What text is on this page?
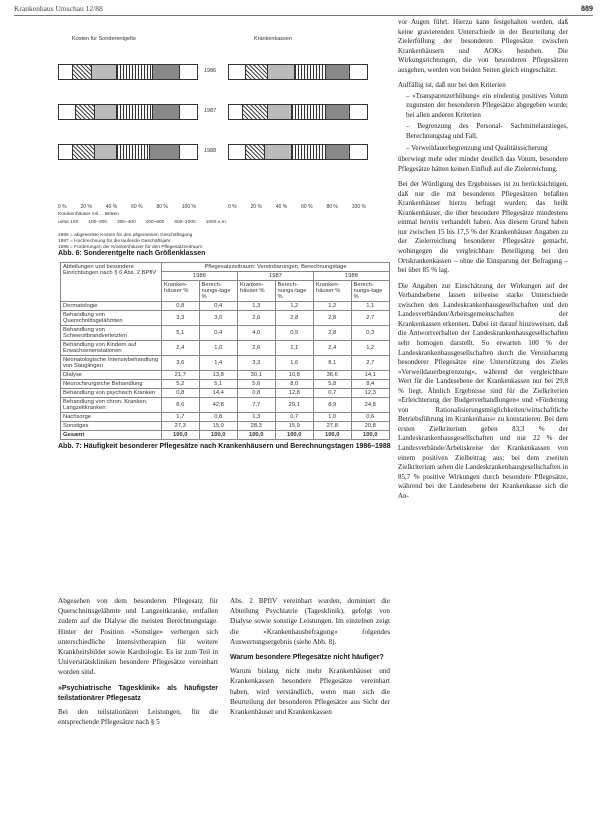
Krankenhaus Umschau 12/88	889
Kosten für Sonderentgelte	Krankenkassen
1986
1987
1988
0 %	20 %	40 %	60 %	80 %	100 %	0 %	20 %	40 %	60 %	80 %	100 %
Krankenhäuser mit ... Betten
unter 100 100–300 300–400 400–600 600–1000 1000 u.m.
1986 = abgesenkte Kosten für den allgemeinen Geschäftsgang
1987 = Hochrechnung für die laufende Geschäftsjahr
1988 = Forderungen der Krankenhäuser für den Pflegesatzzeitraum
Abteilungen und besondere Einrichtungen nach § 6 Abs. 2 BPflV	Pflegesatzzeitraum: Vereinbarungen, Berechnungstage					
	1986		1987		1988	
	Kranken-häuser %	Berech-nungs-tage %	Kranken-häuser %	Berech-nungs-tage %	Kranken-häuser %	Berech-nungs-tage %
Dermatologie	0,8	0,4	1,3	1,2	1,2	1,1
Behandlung von Querschnittsgelähmten	3,3	3,0	2,6	2,8	2,8	2,7
Behandlung von Schwerstbrandverletzten	5,1	0,4	4,0	0,5	2,8	0,3
Behandlung von Kindern auf Erwachsenenstationen	2,4	1,0	2,6	1,1	2,4	1,2
Neonatologische Intensivbehandlung von Säuglingen	3,6	1,4	3,3	1,6	8,1	2,7
Dialyse	21,7	13,8	30,1	10,8	36,6	14,1
Neurochirurgische Behandlung	5,2	5,1	5,6	8,0	5,8	8,4
Behandlung von psychisch Kranken	0,8	14,4	0,8	12,8	0,7	12,3
Behandlung von chron. Kranken, Langzeitkranken	8,6	42,8	7,7	29,1	8,9	24,8
Nachsorge	1,7	0,8	1,3	0,7	1,0	0,6
Sonstiges	27,3	15,0	28,3	15,9	27,8	20,8
Gesamt	100,0	100,0	100,0	100,0	100,0	100,0
Abb. 6: Sonderentgelte nach Größenklassen
Abb. 7: Häufigkeit besonderer Pflegesätze nach Krankenhäusern und Berechnungstagen 1986–1988

Abgesehen von dem besonderen Pflegesatz für Querschnittsgelähmte und Langzeitkranke, entfallen zudem auf die Dialyse die meisten Berechnungstage. Hinter der Position »Sonstige« verbergen sich unterschiedliche Intensivtherapien für weitere Krankheitsbilder sowie Kardiologie. Es ist zum Teil in Universitätskliniken besondere Pflegesätze vereinbart worden sind.

»Psychiatrische Tagesklinik« als häufigster teilstationärer Pflegesatz

Bei den teilstationären Leistungen, für die entsprechende Pflegesätze nach § 5

Abs. 2 BPflV vereinbart wurden, dominiert die Abteilung Psychiatrie (Tagesklinik), gefolgt von Dialyse sowie sonstige Leistungen. Im einzelnen zeigt die »Krankenhausbefragung« folgendes Auswertungsergebnis (siehe Abb. 8).

Warum besondere Pflegesätze nicht häufiger?

Warum bislang nicht mehr Krankenhäuser und Krankenkassen besondere Pflegesätze vereinbart haben, wird verständlich, wenn man sich die Beurteilung der besonderen Pflegesätze aus Sicht der Krankenhäuser und Krankenkassen

vor Augen führt. Hierzu kann festgehalten werden, daß keine gravierenden Unterschiede in der Beurteilung der Zielerfüllung der besonderen Pflegesätze zwischen Krankenhäusern und AOKs bestehen. Die Wirkungsrichtungen, die von besonderen Pflegesätzen ausgehen, werden von beiden Seiten gleich eingeschätzt.

Auffällig ist, daß nur bei den Kriterien

– »Transparenzerhöhung« ein eindeutig positives Votum zugunsten der besonderen Pflegesätze abgegeben wurde; bei allen anderen Kriterien
– Begrenzung des Personal- Sachmittelanstieges, Berechnungstag und Fall,
– Verweildauerbegrenzung und Qualitätssicherung

überwiegt mehr oder minder deutlich das Votum, besondere Pflegesätze hätten keinen Einfluß auf die Zielerreichung.

Bei der Würdigung des Ergebnisses ist zu berücksichtigen, daß nur die mit besonderen Pflegesätzen befaßten Krankenhäuser hierzu befragt wurden; das heißt Krankenhäuser, die über besondere Pflegesätze mindestens einmal bereits verhandelt haben. Aus diesem Grund haben nur zwischen 15 bis 17,5 % der Krankenhäuser Angaben zu der Zielerreichung besonderer Pflegesätze gemacht, wohingegen die vergleichbare Beteiligung bei den Ortskrankenkassen – ohne die Einsparung der Befragung – bei über 85 % lag.

Die Angaben zur Einschätzung der Wirkungen auf der Verbandsebene lassen teilweise starke Unterschiede zwischen den Landeskrankenhausgesellschaften und den Landesverbänden/Arbeitsgemeinschaften der Krankenkassen erkennen. Dabei ist darauf hinzuweisen, daß die Antwortverhalten der Landeskrankenhausgesellschaften sehr homogen darstellt. So erwarten 100 % der Landeskrankenhausgesellschaften durch die Vereinbarung besonderer Pflegesätze eine Unterstützung des Zieles »Verweildauerbegrenzung«, während der vergleichbare Wert für die Landesebene der Krankenkassen nur bei 29,8 % liegt. Ähnlich Ergebnisse sind für die Zielkriterien »Erleichterung der Budgetverhandlungen« und »Förderung von Rationalisierungsmöglichkeiten/wirtschaftliche Betriebsführung im Krankenhaus« zu konstatieren. Bei dem ersten Zielkriterium geben 83,3 % der Landeskrankenhausgesellschaften und nur 22 % der Landesverbände/Arbeitskreise der Krankenkassen von einem positiven Zielbeitrag aus; bei dem zweiten Zielkriterium sehen die Landeskrankenhausgesellschaften in 85,7 % positive Wirkungen durch besondere Pflegesätze, während bei der Landesebene der Krankenkasse sich die An-
